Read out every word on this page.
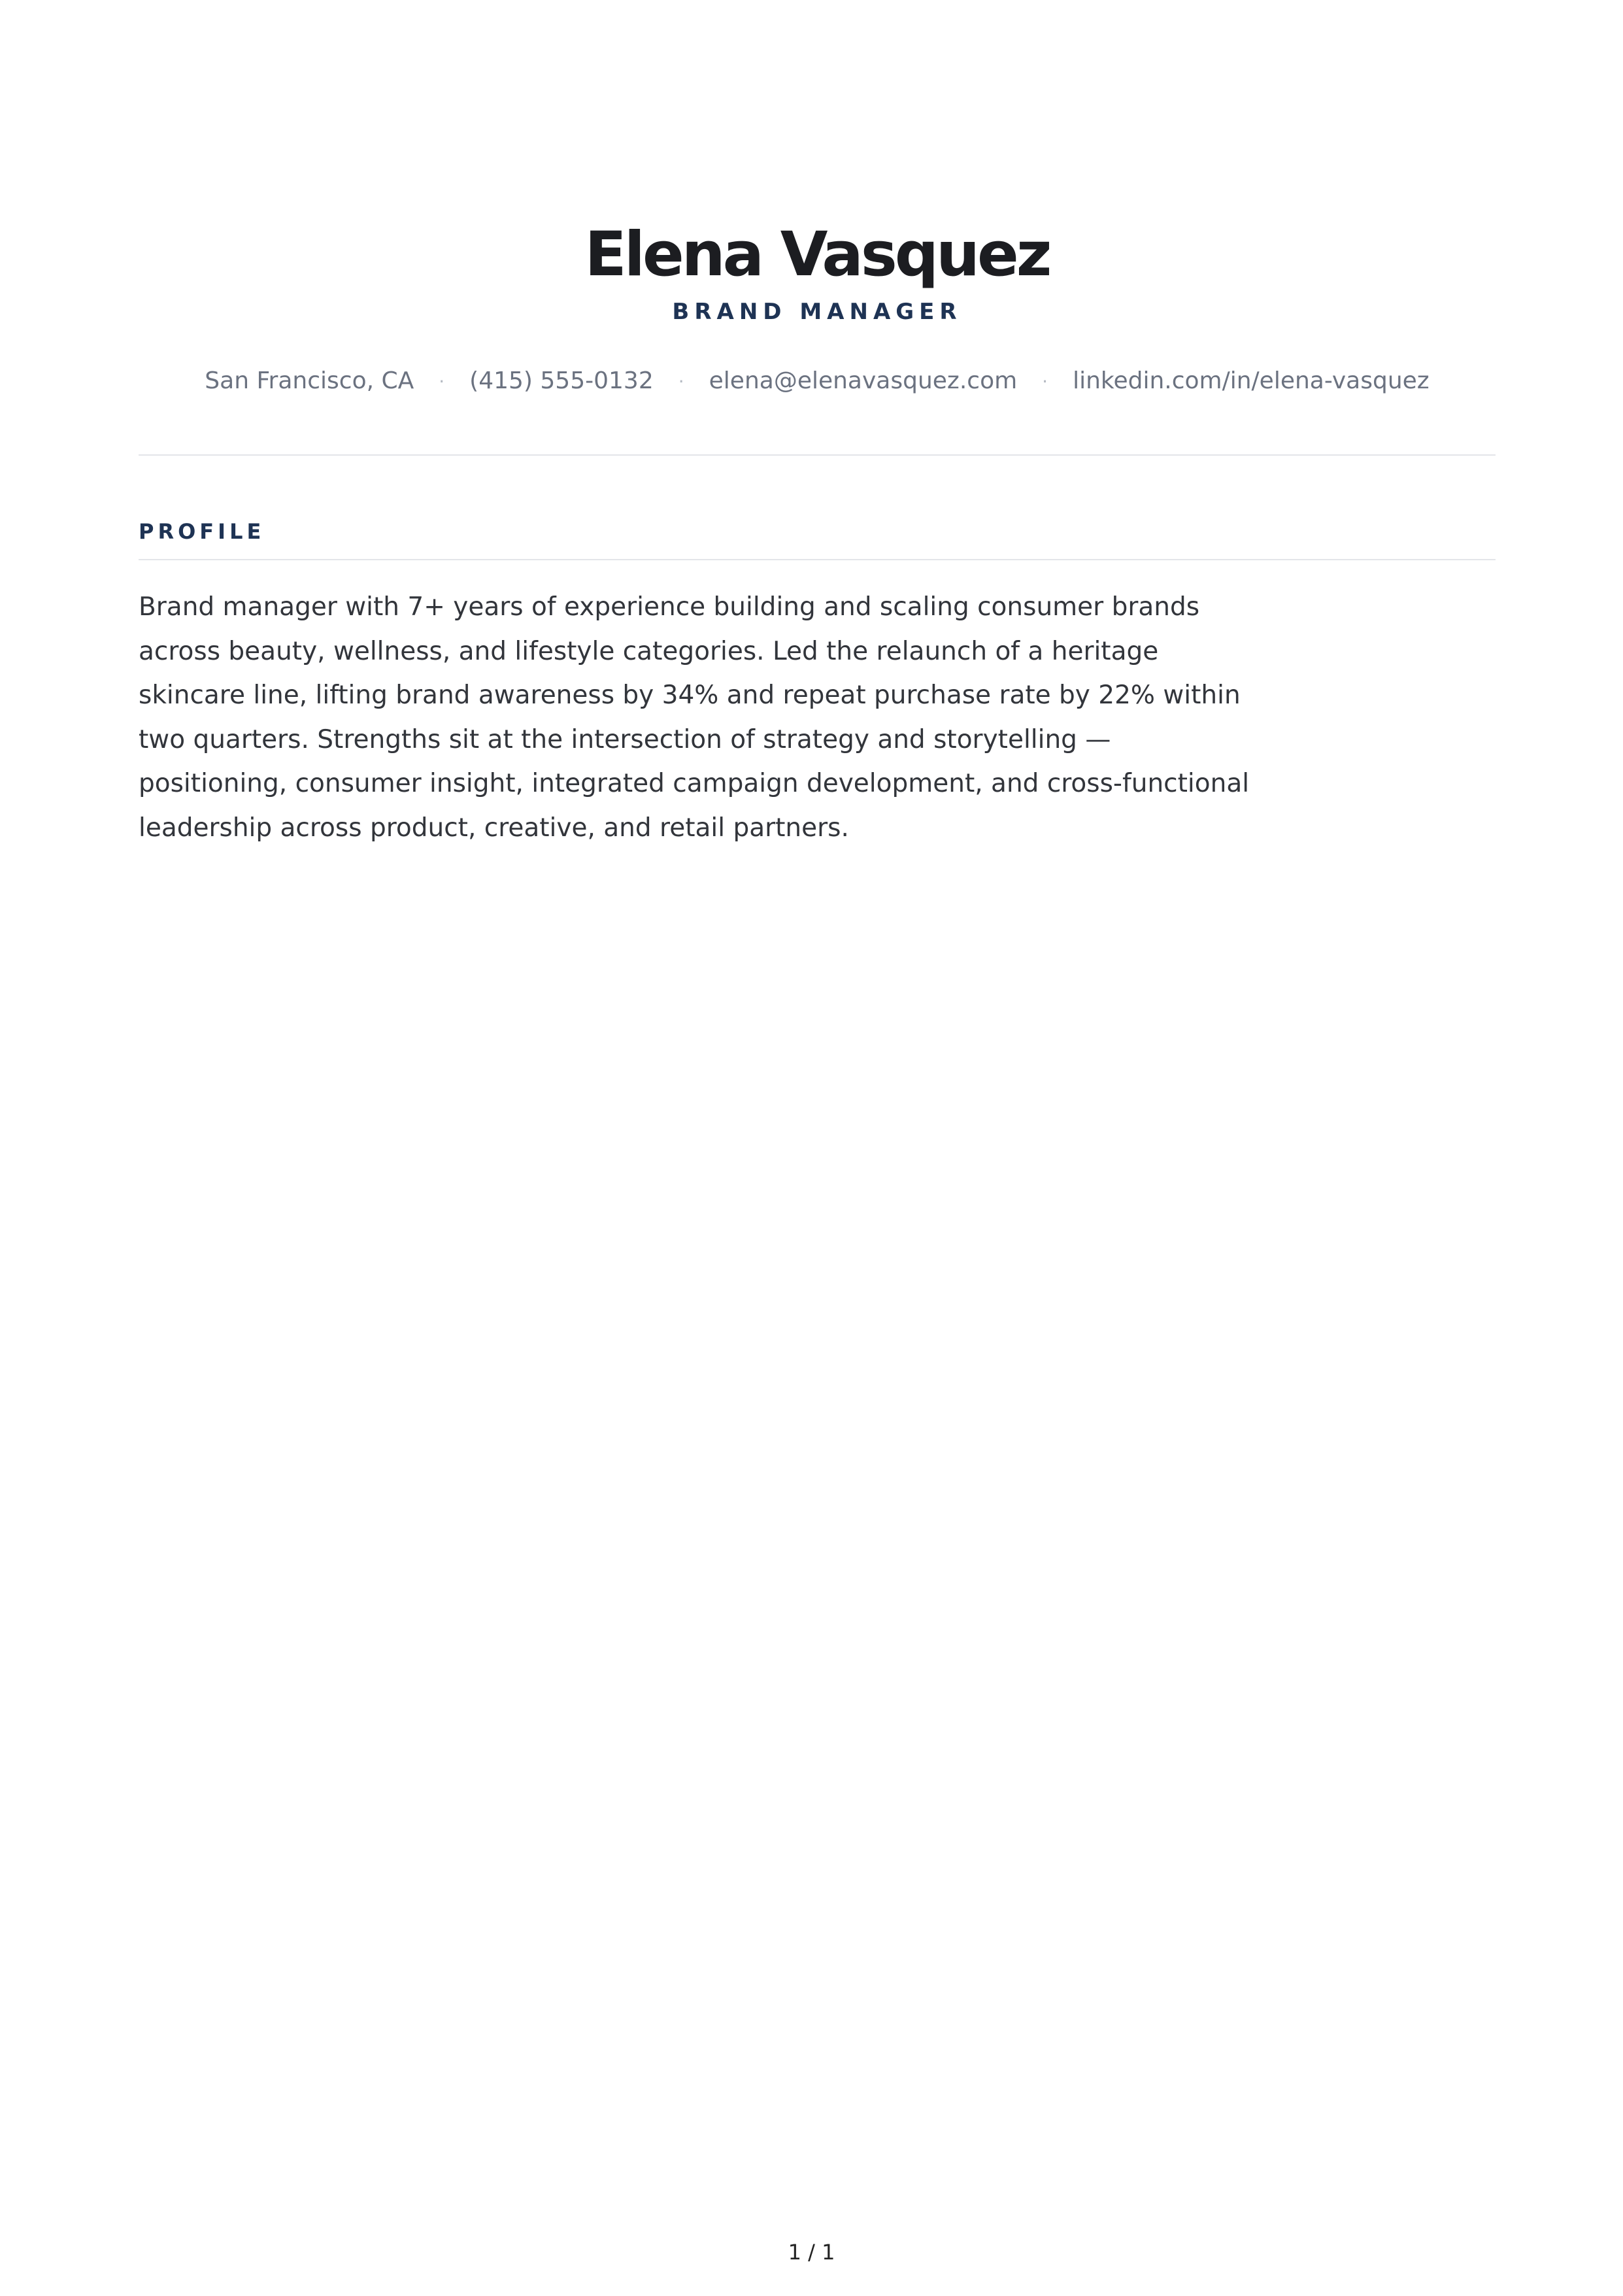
Elena Vasquez
BRAND MANAGER
San Francisco, CA · (415) 555-0132 · elena@elenavasquez.com · linkedin.com/in/elena-vasquez
PROFILE

Brand manager with 7+ years of experience building and scaling consumer brands across beauty, wellness, and lifestyle categories. Led the relaunch of a heritage skincare line, lifting brand awareness by 34% and repeat purchase rate by 22% within two quarters. Strengths sit at the intersection of strategy and storytelling — positioning, consumer insight, integrated campaign development, and cross-functional leadership across product, creative, and retail partners.

1 / 1
